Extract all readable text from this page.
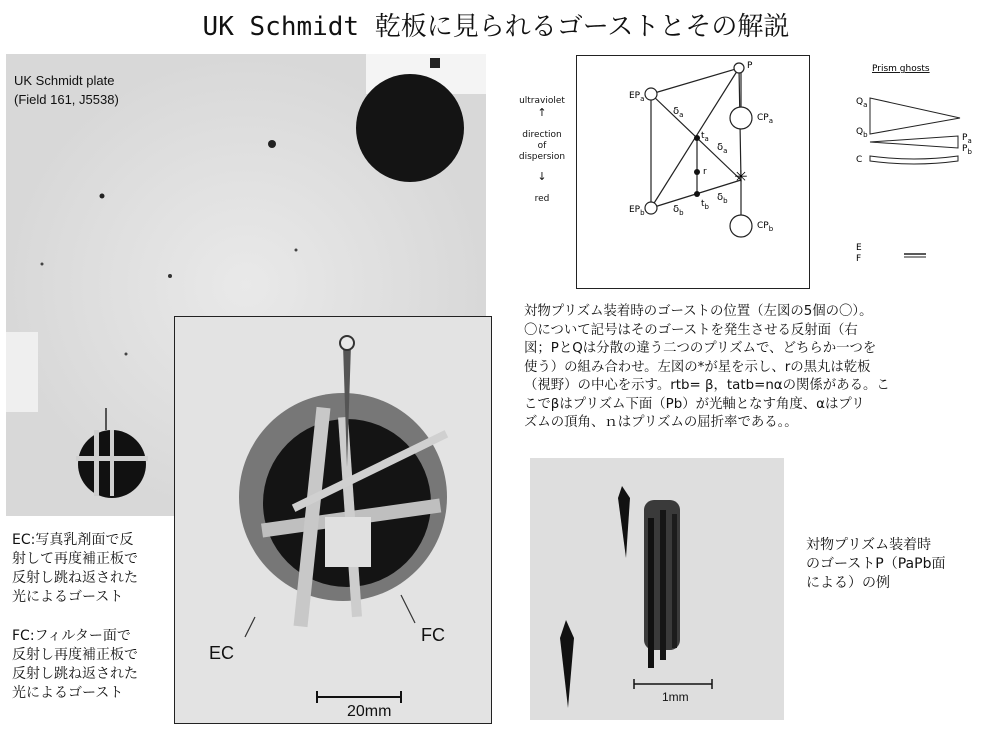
UK Schmidt 乾板に見られるゴーストとその解説
UK Schmidt plate
(Field 161, J5538)
EC
FC
20mm
EC:写真乳剤面で反
射して再度補正板で
反射し跳ね返された
光によるゴースト
FC:フィルター面で
反射し再度補正板で
反射し跳ね返された
光によるゴースト
ultraviolet
↑
direction
of
dispersion
↓
red
✳
$EP_a$
P
$EP_b$
$CP_a$
$CP_b$
$t_a$
r
$t_b$
$\delta_a$
$\delta_a$
$\delta_b$
$\delta_b$
Prism ghosts
$Q_a$
$Q_b$	$P_a$
$P_b$
C
E
F
対物プリズム装着時のゴーストの位置（左図の5個の〇）。
〇について記号はそのゴーストを発生させる反射面（右
図；PとQは分散の違う二つのプリズムで、どちらか一つを
使う）の組み合わせ。左図の*が星を示し、rの黒丸は乾板
（視野）の中心を示す。rtb= β，tatb=nαの関係がある。こ
こでβはプリズム下面（Pb）が光軸となす角度、αはプリ
ズムの頂角、ｎはプリズムの屈折率である。。
1mm
対物プリズム装着時
のゴーストP（PaPb面
による）の例
